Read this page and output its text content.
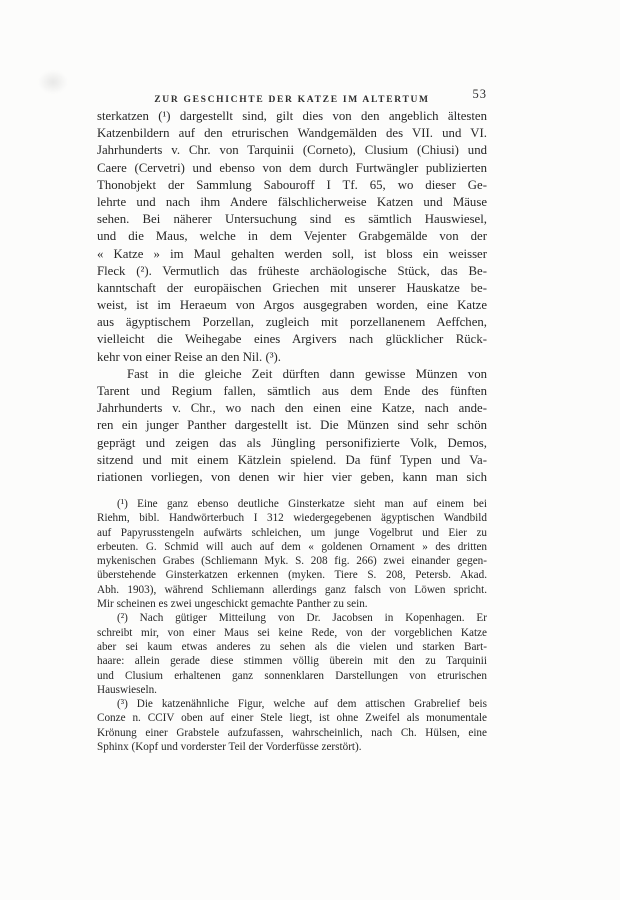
ZUR GESCHICHTE DER KATZE IM ALTERTUM	53
sterkatzen (¹) dargestellt sind, gilt dies von den angeblich ältesten
Katzenbildern auf den etrurischen Wandgemälden des VII. und VI.
Jahrhunderts v. Chr. von Tarquinii (Corneto), Clusium (Chiusi) und
Caere (Cervetri) und ebenso von dem durch Furtwängler publizierten
Thonobjekt der Sammlung Sabouroff I Tf. 65, wo dieser Ge-
lehrte und nach ihm Andere fälschlicherweise Katzen und Mäuse
sehen. Bei näherer Untersuchung sind es sämtlich Hauswiesel,
und die Maus, welche in dem Vejenter Grabgemälde von der
« Katze » im Maul gehalten werden soll, ist bloss ein weisser
Fleck (²). Vermutlich das früheste archäologische Stück, das Be-
kanntschaft der europäischen Griechen mit unserer Hauskatze be-
weist, ist im Heraeum von Argos ausgegraben worden, eine Katze
aus ägyptischem Porzellan, zugleich mit porzellanenem Aeffchen,
vielleicht die Weihegabe eines Argivers nach glücklicher Rück-
kehr von einer Reise an den Nil. (³).
Fast in die gleiche Zeit dürften dann gewisse Münzen von
Tarent und Regium fallen, sämtlich aus dem Ende des fünften
Jahrhunderts v. Chr., wo nach den einen eine Katze, nach ande-
ren ein junger Panther dargestellt ist. Die Münzen sind sehr schön
geprägt und zeigen das als Jüngling personifizierte Volk, Demos,
sitzend und mit einem Kätzlein spielend. Da fünf Typen und Va-
riationen vorliegen, von denen wir hier vier geben, kann man sich
(¹) Eine ganz ebenso deutliche Ginsterkatze sieht man auf einem bei
Riehm, bibl. Handwörterbuch I 312 wiedergegebenen ägyptischen Wandbild
auf Papyrusstengeln aufwärts schleichen, um junge Vogelbrut und Eier zu
erbeuten. G. Schmid will auch auf dem « goldenen Ornament » des dritten
mykenischen Grabes (Schliemann Myk. S. 208 fig. 266) zwei einander gegen-
überstehende Ginsterkatzen erkennen (myken. Tiere S. 208, Petersb. Akad.
Abh. 1903), während Schliemann allerdings ganz falsch von Löwen spricht.
Mir scheinen es zwei ungeschickt gemachte Panther zu sein.
(²) Nach gütiger Mitteilung von Dr. Jacobsen in Kopenhagen. Er
schreibt mir, von einer Maus sei keine Rede, von der vorgeblichen Katze
aber sei kaum etwas anderes zu sehen als die vielen und starken Bart-
haare: allein gerade diese stimmen völlig überein mit den zu Tarquinii
und Clusium erhaltenen ganz sonnenklaren Darstellungen von etrurischen
Hauswieseln.
(³) Die katzenähnliche Figur, welche auf dem attischen Grabrelief beis
Conze n. CCIV oben auf einer Stele liegt, ist ohne Zweifel als monumentale
Krönung einer Grabstele aufzufassen, wahrscheinlich, nach Ch. Hülsen, eine
Sphinx (Kopf und vorderster Teil der Vorderfüsse zerstört).
